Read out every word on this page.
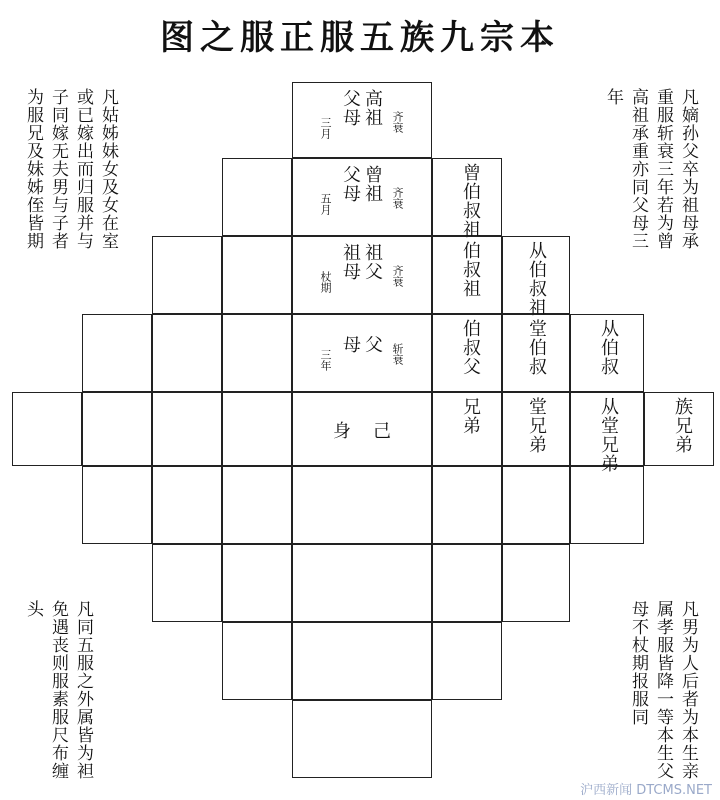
图之服正服五族九宗本
凡姑姊妹女及女在室或已嫁出而归服并与子同嫁无夫男与子者为服兄及妹姊侄皆期	凡嫡孙父卒为祖母承重服斩衰三年若为曾高祖承重亦同父母三年
凡同五服之外属皆为袒免遇丧则服素服尺布缠头	凡男为人后者为本生亲属孝服皆降一等本生父母不杖期报服同
高祖
父母	齐衰
三月
曾祖
父母	齐衰
五月
祖父
祖母	齐衰
杖期
父
母	斩衰
三年
身 己
曾伯叔祖
伯叔祖
伯叔父
兄弟
从伯叔祖
堂伯叔
堂兄弟
从伯叔
从堂兄弟	族兄弟
沪西新闻 DTCMS.NET
